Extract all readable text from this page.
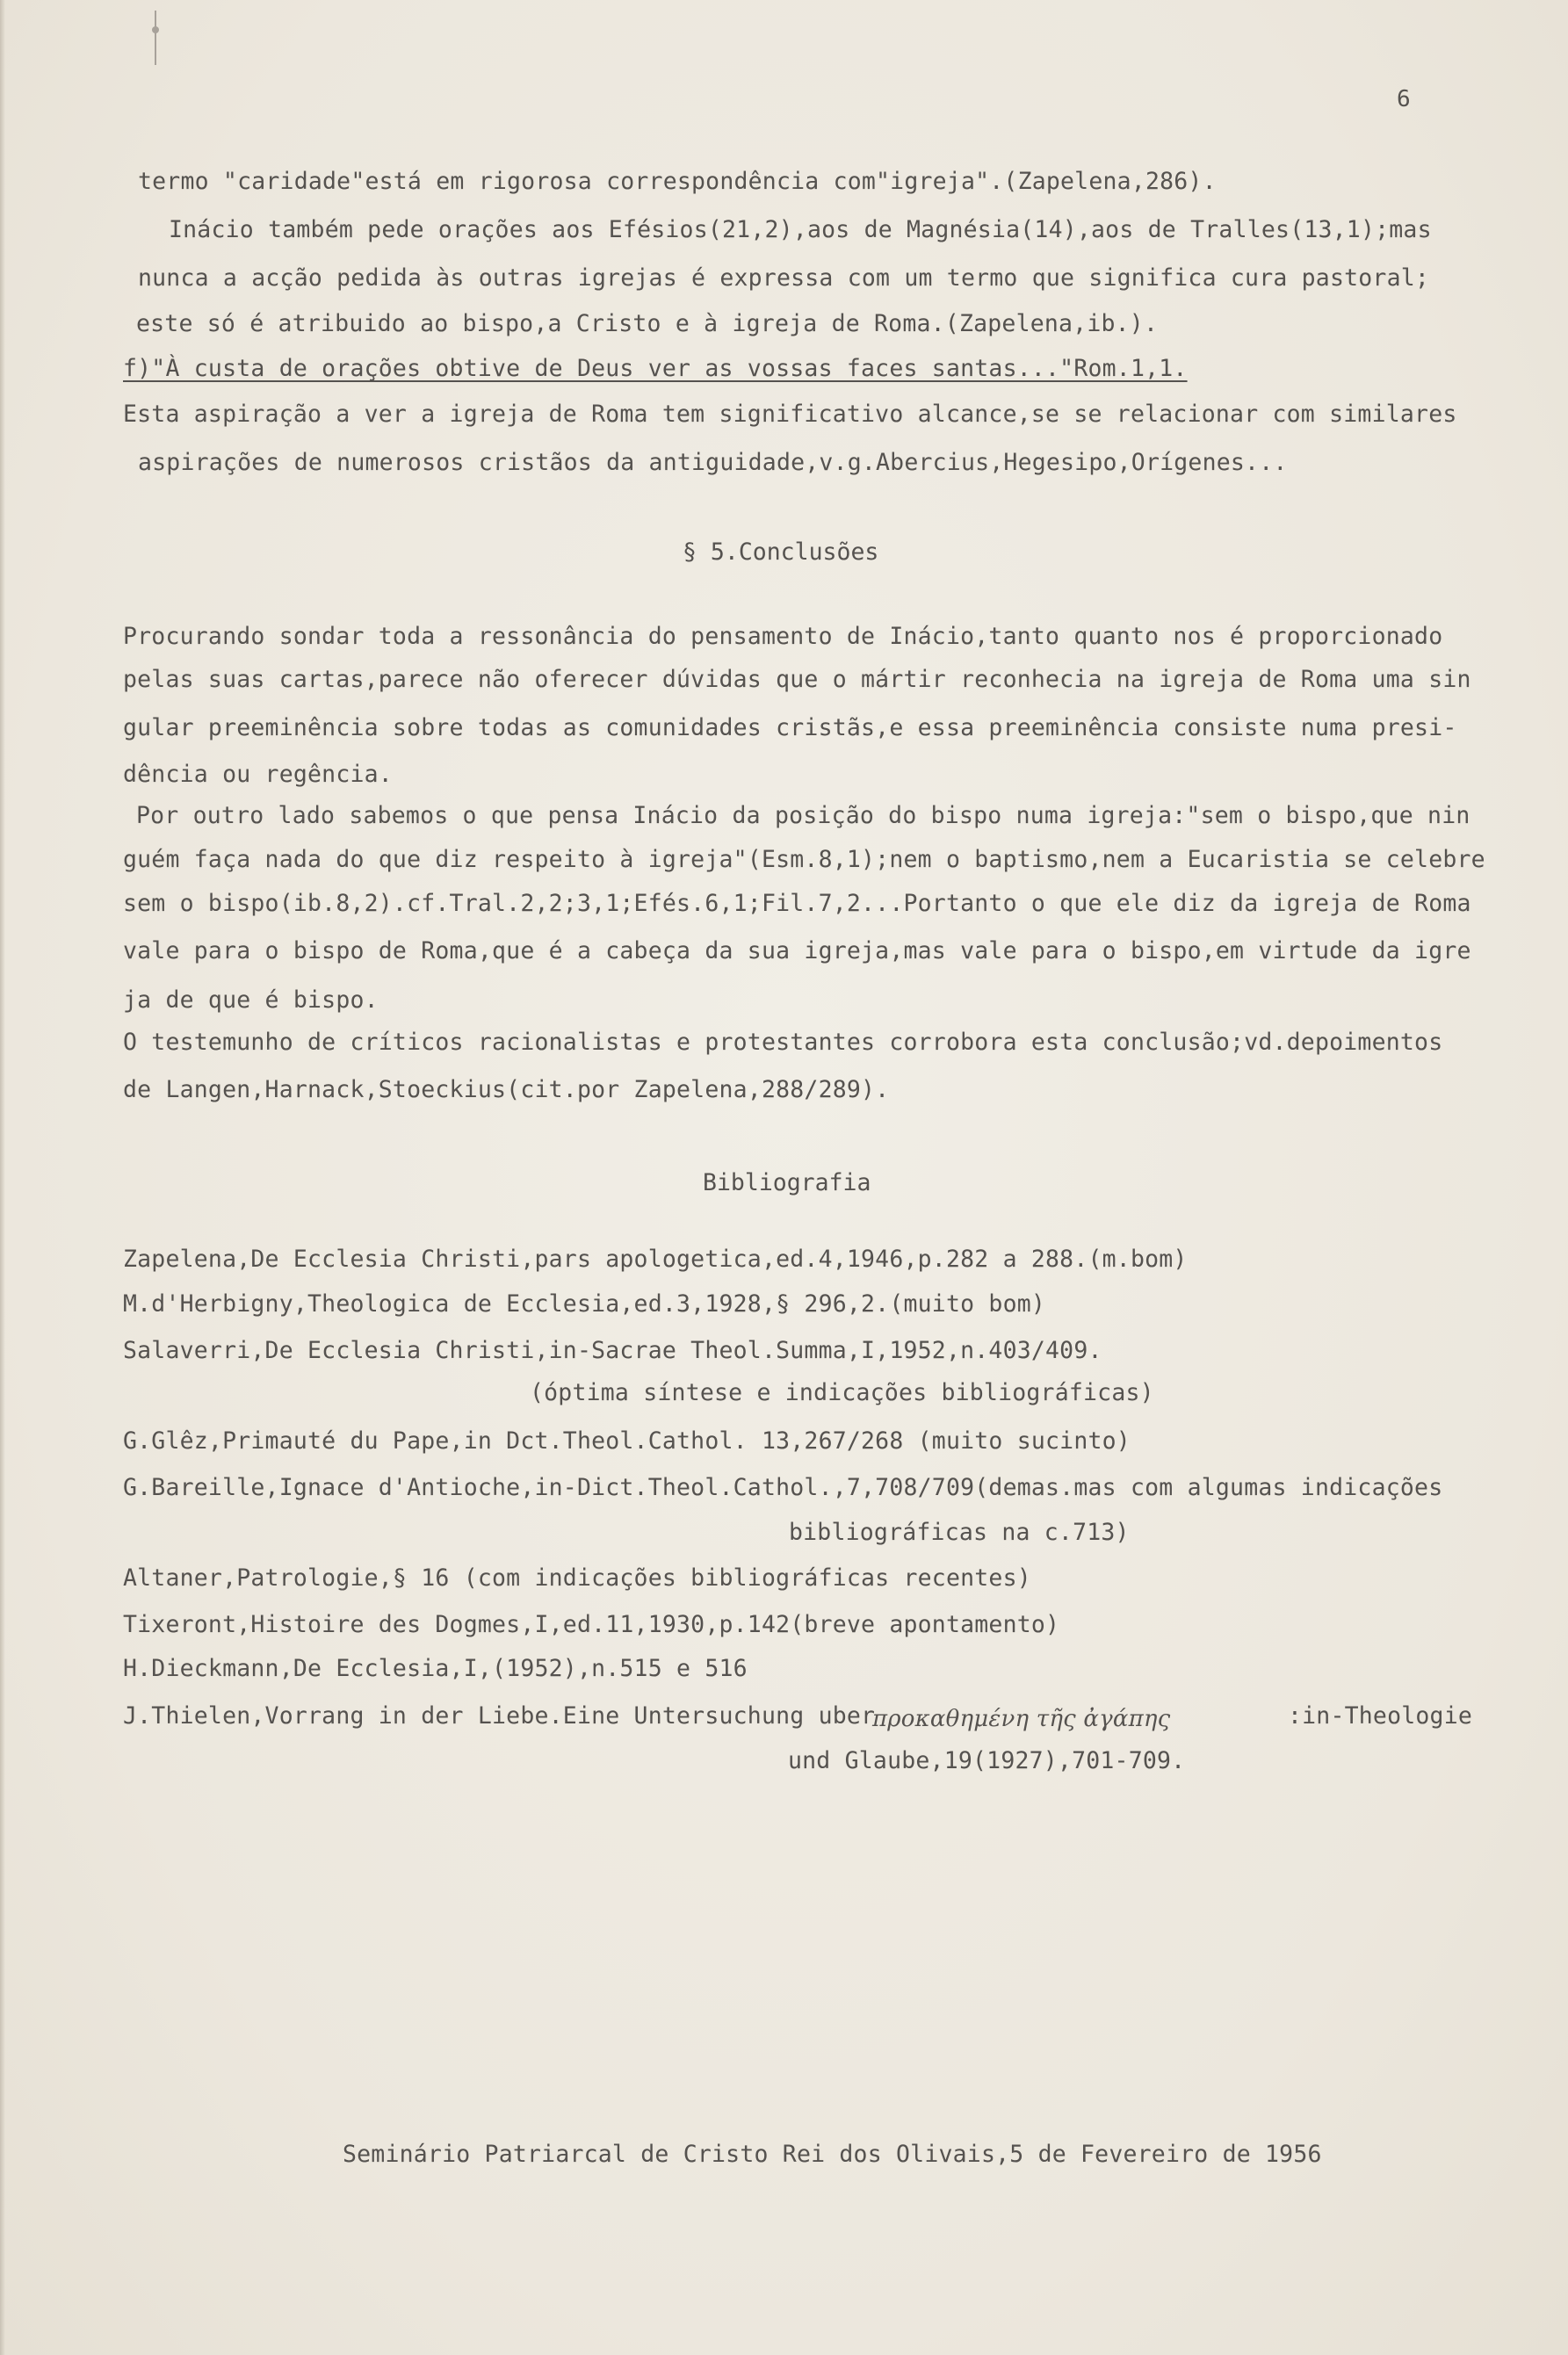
6
termo "caridade"está em rigorosa correspondência com"igreja".(Zapelena,286).
Inácio também pede orações aos Efésios(21,2),aos de Magnésia(14),aos de Tralles(13,1);mas
nunca a acção pedida às outras igrejas é expressa com um termo que significa cura pastoral;
este só é atribuido ao bispo,a Cristo e à igreja de Roma.(Zapelena,ib.).
f)"À custa de orações obtive de Deus ver as vossas faces santas..."Rom.1,1.
Esta aspiração a ver a igreja de Roma tem significativo alcance,se se relacionar com similares
aspirações de numerosos cristãos da antiguidade,v.g.Abercius,Hegesipo,Orígenes...
§ 5.Conclusões
Procurando sondar toda a ressonância do pensamento de Inácio,tanto quanto nos é proporcionado
pelas suas cartas,parece não oferecer dúvidas que o mártir reconhecia na igreja de Roma uma sin
gular preeminência sobre todas as comunidades cristãs,e essa preeminência consiste numa presi-
dência ou regência.
Por outro lado sabemos o que pensa Inácio da posição do bispo numa igreja:"sem o bispo,que nin
guém faça nada do que diz respeito à igreja"(Esm.8,1);nem o baptismo,nem a Eucaristia se celebre
sem o bispo(ib.8,2).cf.Tral.2,2;3,1;Efés.6,1;Fil.7,2...Portanto o que ele diz da igreja de Roma
vale para o bispo de Roma,que é a cabeça da sua igreja,mas vale para o bispo,em virtude da igre
ja de que é bispo.
O testemunho de críticos racionalistas e protestantes corrobora esta conclusão;vd.depoimentos
de Langen,Harnack,Stoeckius(cit.por Zapelena,288/289).
Bibliografia
Zapelena,De Ecclesia Christi,pars apologetica,ed.4,1946,p.282 a 288.(m.bom)
M.d'Herbigny,Theologica de Ecclesia,ed.3,1928,§ 296,2.(muito bom)
Salaverri,De Ecclesia Christi,in-Sacrae Theol.Summa,I,1952,n.403/409.
(óptima síntese e indicações bibliográficas)
G.Glêz,Primauté du Pape,in Dct.Theol.Cathol. 13,267/268 (muito sucinto)
G.Bareille,Ignace d'Antioche,in-Dict.Theol.Cathol.,7,708/709(demas.mas com algumas indicações
bibliográficas na c.713)
Altaner,Patrologie,§ 16 (com indicações bibliográficas recentes)
Tixeront,Histoire des Dogmes,I,ed.11,1930,p.142(breve apontamento)
H.Dieckmann,De Ecclesia,I,(1952),n.515 e 516
J.Thielen,Vorrang in der Liebe.Eine Untersuchung uber
προκαθημένη τῆς ἀγάπης	:in-Theologie
und Glaube,19(1927),701-709.
Seminário Patriarcal de Cristo Rei dos Olivais,5 de Fevereiro de 1956
